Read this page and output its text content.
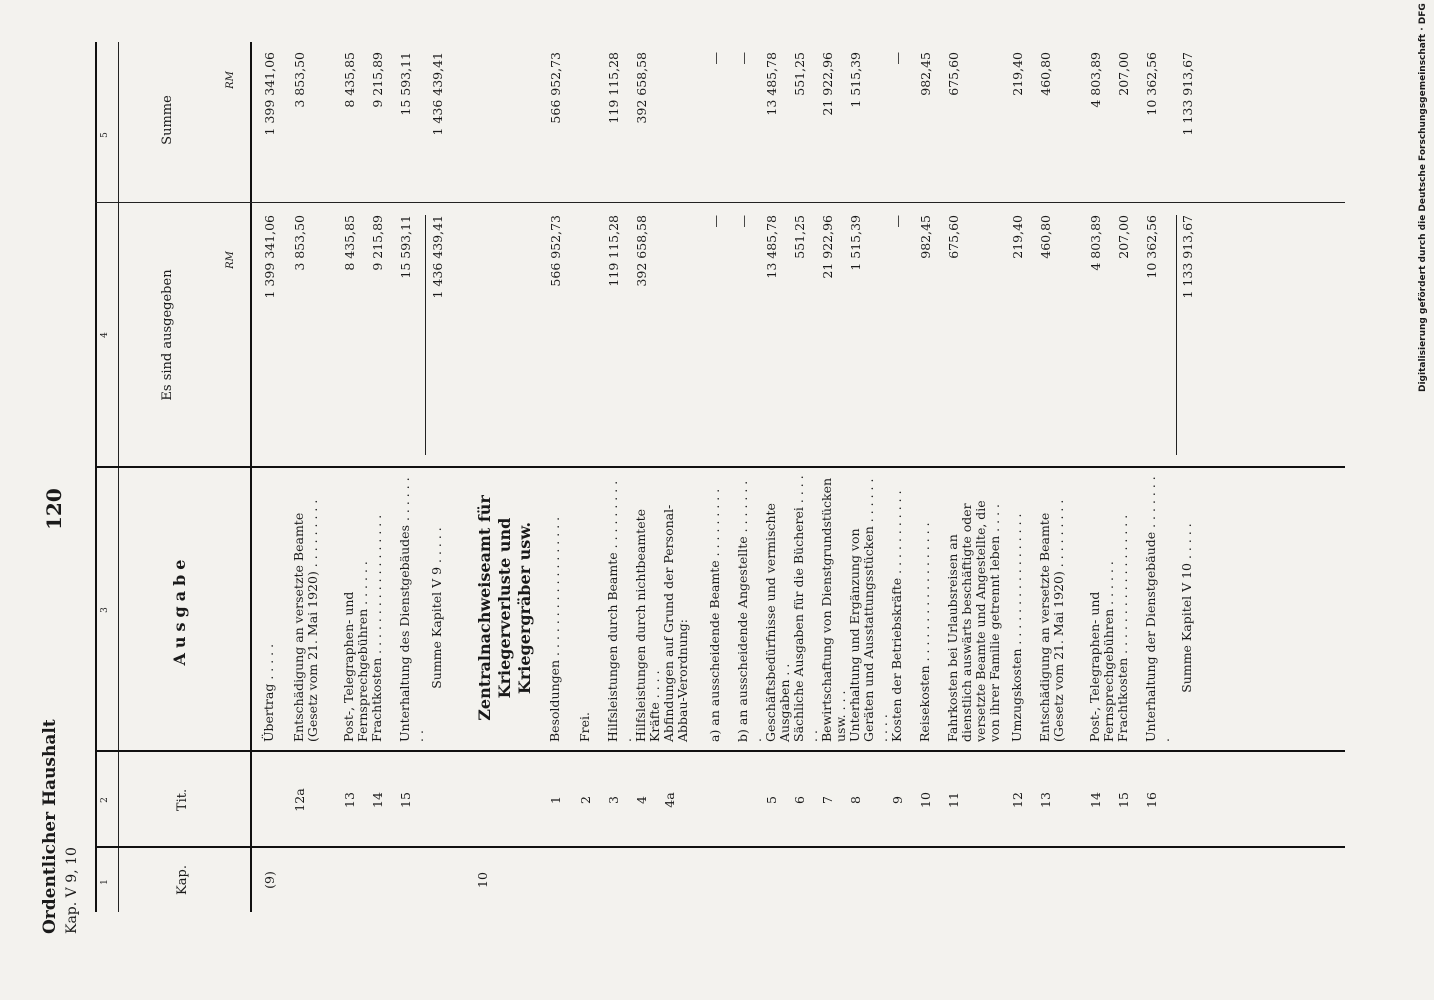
Ordentlicher Haushalt Kap. V 9, 10
120
1
2
3
4
5
Kap.
Tit.
Ausgabe
Es sind ausgegeben
Summe
RM
RM
(9)
Übertrag . . . . .
1 399 341,06
1 399 341,06
12a
Entschädigung an versetzte Beamte (Gesetz vom 21. Mai 1920) . . . . . . . . .
3 853,50
3 853,50
13
Post-, Telegraphen- und Fernsprechgebühren . . . . . .
8 435,85
8 435,85
14
Frachtkosten . . . . . . . . . . . . . . . . . .
9 215,89
9 215,89
15
Unterhaltung des Dienstgebäudes . . . . . . . .
15 593,11
15 593,11
Summe Kapitel V 9 . . . . .
1 436 439,41
1 436 439,41
10
Zentralnachweiseamt für Kriegerverluste und Kriegergräber usw.
1
Besoldungen . . . . . . . . . . . . . . . . . .
566 952,73
566 952,73
2
Frei.
3
Hilfsleistungen durch Beamte . . . . . . . . . .
119 115,28
119 115,28
4
Hilfsleistungen durch nichtbeamtete Kräfte . . . .
392 658,58
392 658,58
4a
Abfindungen auf Grund der Personal-Abbau-Verordnung:	a) an ausscheidende Beamte . . . . . . . . .
—
—
b) an ausscheidende Angestellte . . . . . . . .
—
—
5
Geschäftsbedürfnisse und vermischte Ausgaben . .
13 485,78
13 485,78
6
Sächliche Ausgaben für die Bücherei . . . . . .
551,25
551,25
7
Bewirtschaftung von Dienstgrundstücken usw. . . .
21 922,96
21 922,96
8
Unterhaltung und Ergänzung von Geräten und Ausstattungsstücken . . . . . . . . . .
1 515,39
1 515,39
9
Kosten der Betriebskräfte . . . . . . . . . . .
—
—
10
Reisekosten . . . . . . . . . . . . . . . . . .
982,45
982,45
11
Fahrkosten bei Urlaubsreisen an dienstlich auswärts beschäftigte oder versetzte Beamte und Angestellte, die von ihrer Familie getrennt leben . . . .
675,60
675,60
12
Umzugskosten . . . . . . . . . . . . . . . . .
219,40
219,40
13
Entschädigung an versetzte Beamte (Gesetz vom 21. Mai 1920) . . . . . . . . .
460,80
460,80
14
Post-, Telegraphen- und Fernsprechgebühren . . . . . .
4 803,89
4 803,89
15
Frachtkosten . . . . . . . . . . . . . . . . . .
207,00
207,00
16
Unterhaltung der Dienstgebäude . . . . . . . .
10 362,56
10 362,56
Summe Kapitel V 10 . . . . .
1 133 913,67
1 133 913,67	Digitalisierung gefördert durch die Deutsche Forschungsgemeinschaft · DFG
